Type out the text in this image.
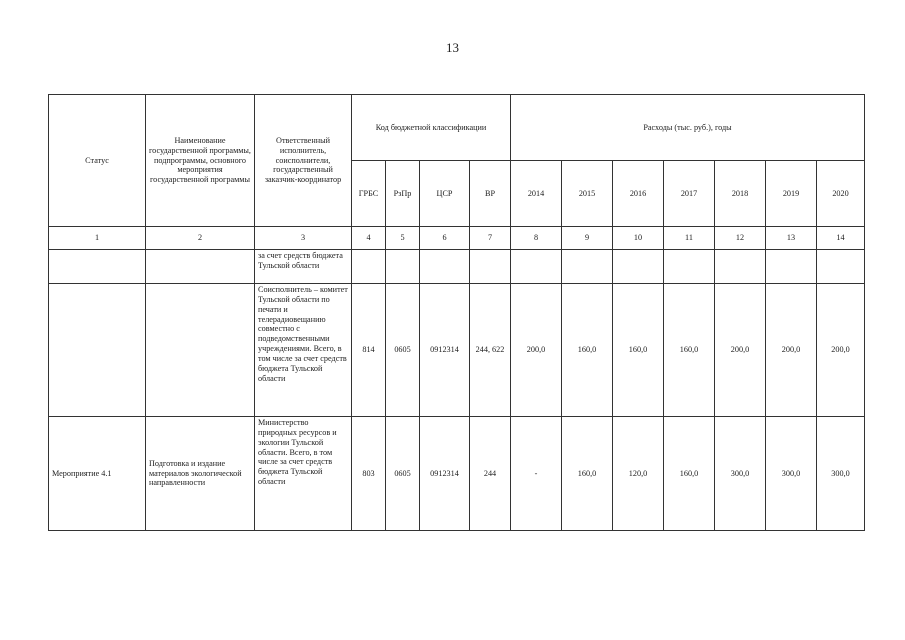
13
Статус	Наименование государственной программы, подпрограммы, основного мероприятия государственной программы	Ответственный исполнитель, соисполнители, государственный заказчик-координатор	Код бюджетной классификации				Расходы (тыс. руб.), годы						
			ГРБС	РзПр	ЦСР	ВР	2014	2015	2016	2017	2018	2019	2020
1	2	3	4	5	6	7	8	9	10	11	12	13	14
		за счет средств бюджета Тульской области											
		Соисполнитель – комитет Тульской области по печати и телерадиовещанию совместно с подведомственными учреждениями. Всего, в том числе за счет средств бюджета Тульской области	814	0605	0912314	244, 622	200,0	160,0	160,0	160,0	200,0	200,0	200,0
Мероприятие 4.1	Подготовка и издание материалов экологической направленности	Министерство природных ресурсов и экологии Тульской области. Всего, в том числе за счет средств бюджета Тульской области	803	0605	0912314	244	-	160,0	120,0	160,0	300,0	300,0	300,0
